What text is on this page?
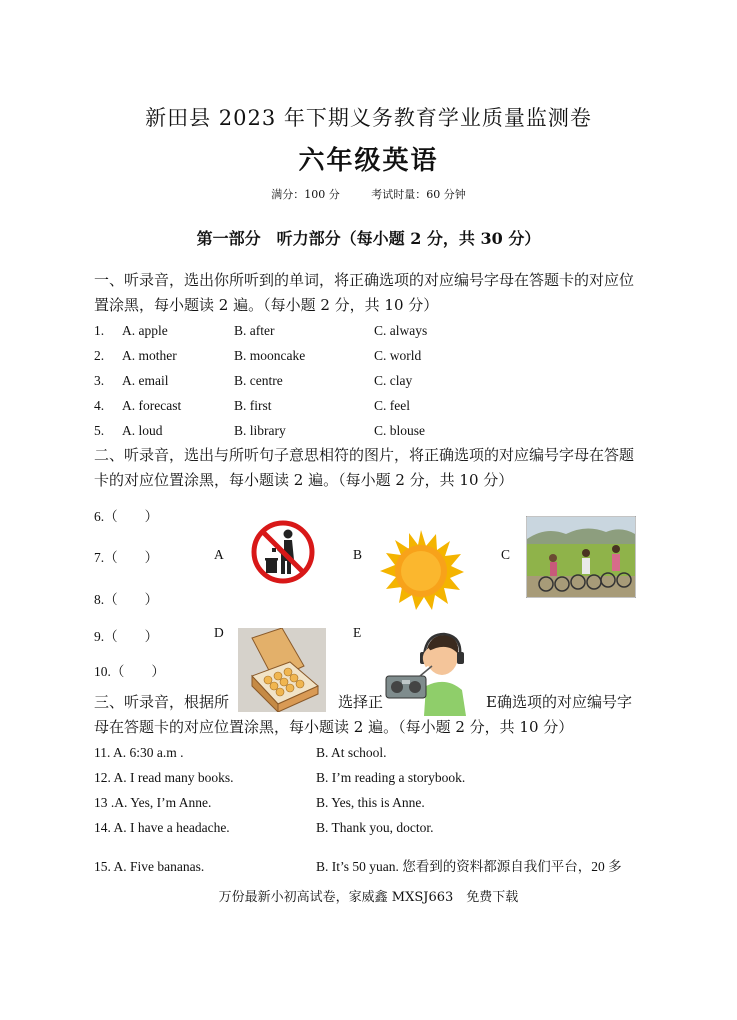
新田县 2023 年下期义务教育学业质量监测卷
六年级英语
满分：100 分	考试时量：60 分钟
第一部分　听力部分（每小题 2 分，共 30 分）
一、听录音，选出你所听到的单词，将正确选项的对应编号字母在答题卡的对应位置涂黑，每小题读 2 遍。（每小题 2 分，共 10 分）
1. A. apple	B. after	C. always
2. A. mother	B. mooncake	C. world
3. A. email	B. centre	C. clay
4. A. forecast	B. first	C. feel
5. A. loud	B. library	C. blouse
二、听录音，选出与所听句子意思相符的图片，将正确选项的对应编号字母在答题卡的对应位置涂黑，每小题读 2 遍。（每小题 2 分，共 10 分）
6.（　　）
7.（　　）
8.（　　）
9.（　　）
10.（　　）
A	B	C
D	E
三、听录音，根据所	选择正	E确选项的对应编号字
母在答题卡的对应位置涂黑，每小题读 2 遍。（每小题 2 分，共 10 分）
11. A. 6:30 a.m .	B. At school.
12. A. I read many books.	B. I’m reading a storybook.
13 .A. Yes, I’m Anne.	B. Yes, this is Anne.
14. A. I have a headache.	B. Thank you, doctor.
15. A. Five bananas.	B. It’s 50 yuan. 您看到的资料都源自我们平台，20 多
万份最新小初高试卷，家威鑫 MXSJ663　免费下载
